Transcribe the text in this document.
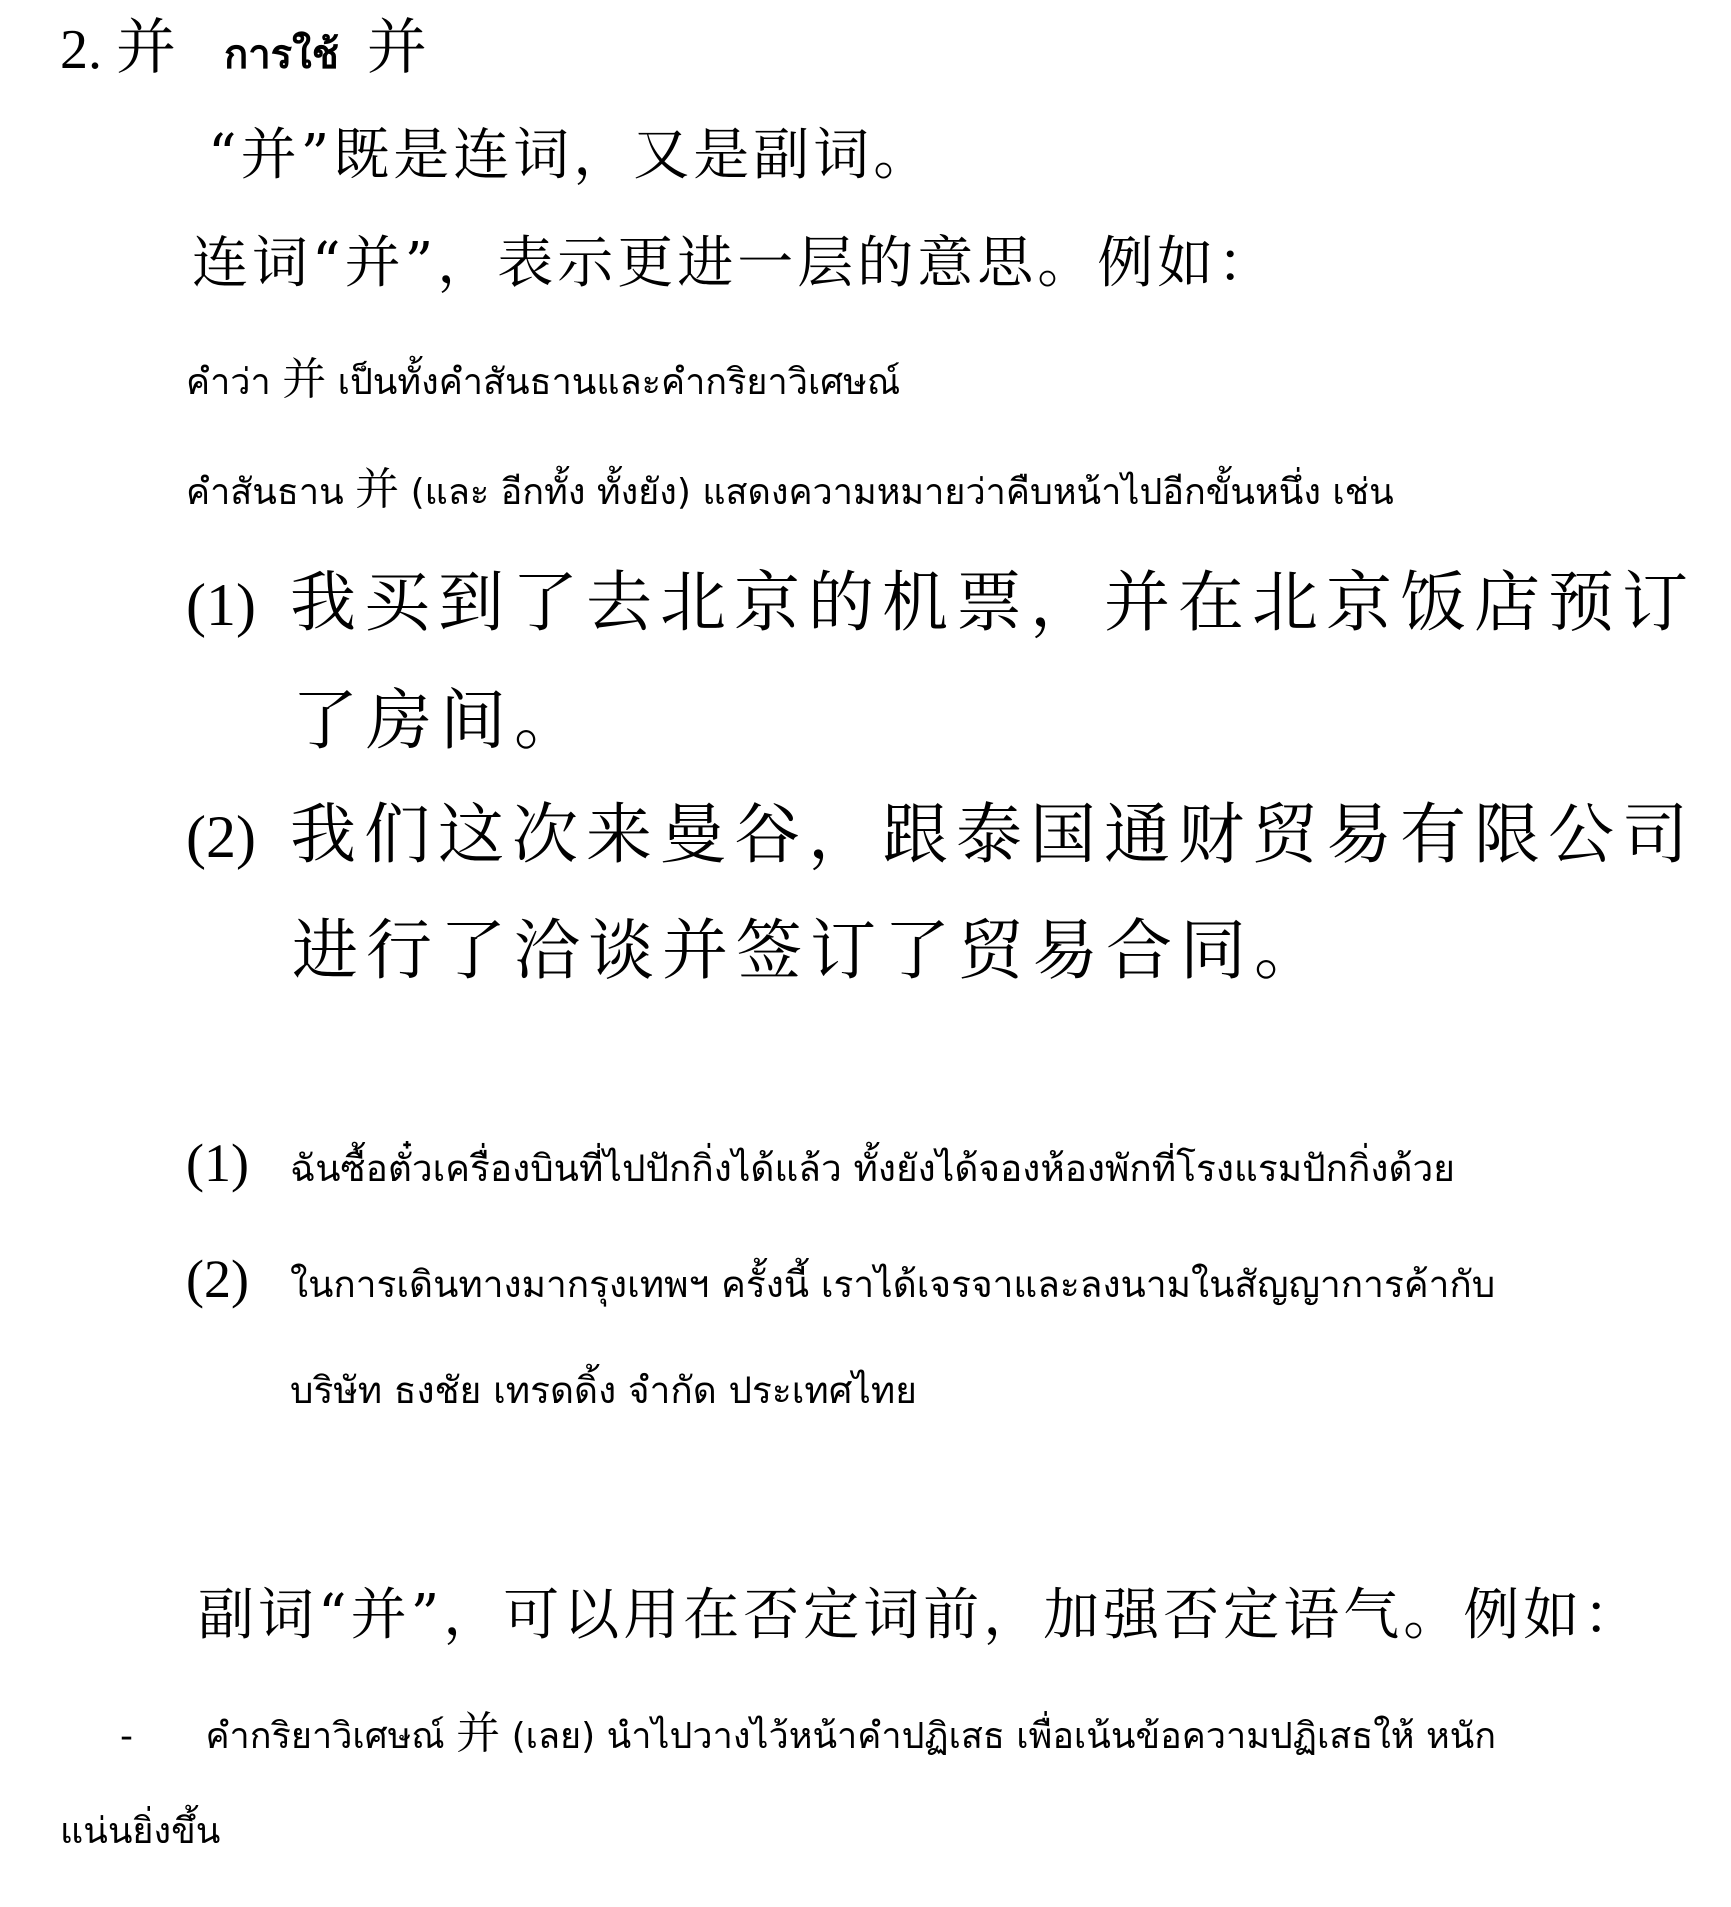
2. 并 การใช้ 并
“并”既是连词，又是副词。
连词“并”，表示更进一层的意思。例如：
คำว่า 并 เป็นทั้งคำสันธานและคำกริยาวิเศษณ์
คำสันธาน 并 (และ อีกทั้ง ทั้งยัง) แสดงความหมายว่าคืบหน้าไปอีกขั้นหนึ่ง เช่น
(1) 我买到了去北京的机票，并在北京饭店预订
了房间。
(2) 我们这次来曼谷，跟泰国通财贸易有限公司
进行了洽谈并签订了贸易合同。
(1) ฉันซื้อตั๋วเครื่องบินที่ไปปักกิ่งได้แล้ว ทั้งยังได้จองห้องพักที่โรงแรมปักกิ่งด้วย
(2) ในการเดินทางมากรุงเทพฯ ครั้งนี้ เราได้เจรจาและลงนามในสัญญาการค้ากับ
บริษัท ธงชัย เทรดดิ้ง จำกัด ประเทศไทย
副词“并”，可以用在否定词前，加强否定语气。例如：
- คำกริยาวิเศษณ์ 并 (เลย) นำไปวางไว้หน้าคำปฏิเสธ เพื่อเน้นข้อความปฏิเสธให้ หนัก
แน่นยิ่งขึ้น
